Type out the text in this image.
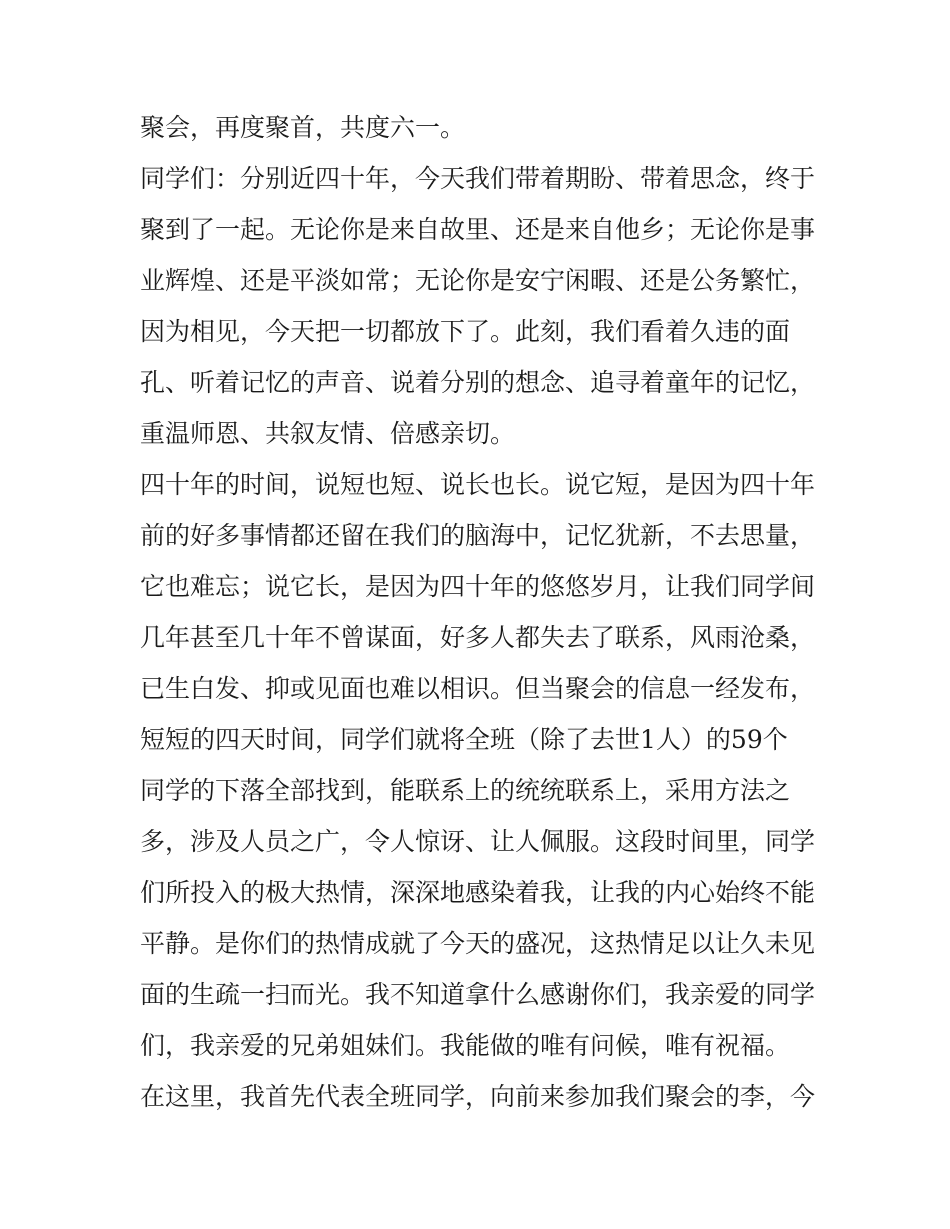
聚会，再度聚首，共度六一。
同学们：分别近四十年，今天我们带着期盼、带着思念，终于
聚到了一起。无论你是来自故里、还是来自他乡；无论你是事
业辉煌、还是平淡如常；无论你是安宁闲暇、还是公务繁忙，
因为相见，今天把一切都放下了。此刻，我们看着久违的面
孔、听着记忆的声音、说着分别的想念、追寻着童年的记忆，
重温师恩、共叙友情、倍感亲切。
四十年的时间，说短也短、说长也长。说它短，是因为四十年
前的好多事情都还留在我们的脑海中，记忆犹新，不去思量，
它也难忘；说它长，是因为四十年的悠悠岁月，让我们同学间
几年甚至几十年不曾谋面，好多人都失去了联系，风雨沧桑，
已生白发、抑或见面也难以相识。但当聚会的信息一经发布，
短短的四天时间，同学们就将全班（除了去世1人）的59个
同学的下落全部找到，能联系上的统统联系上，采用方法之
多，涉及人员之广，令人惊讶、让人佩服。这段时间里，同学
们所投入的极大热情，深深地感染着我，让我的内心始终不能
平静。是你们的热情成就了今天的盛况，这热情足以让久未见
面的生疏一扫而光。我不知道拿什么感谢你们，我亲爱的同学
们，我亲爱的兄弟姐妹们。我能做的唯有问候，唯有祝福。
在这里，我首先代表全班同学，向前来参加我们聚会的李，今
